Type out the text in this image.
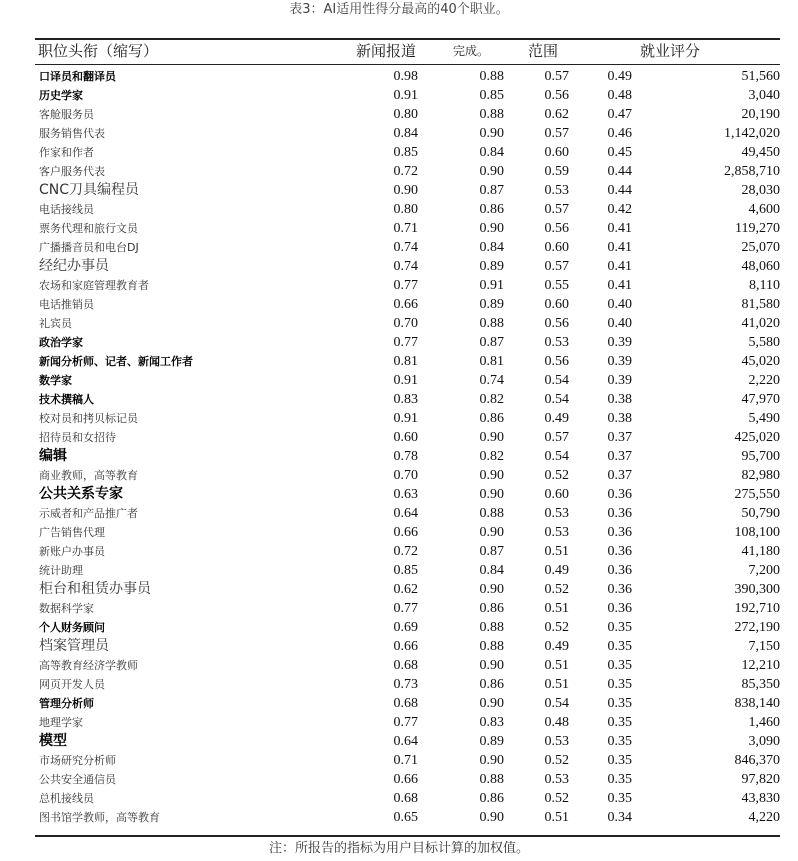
表3：AI适用性得分最高的40个职业。
职位头衔（缩写）	新闻报道	完成。	范围	就业评分
口译员和翻译员	0.98	0.88	0.57	0.49	51,560
历史学家	0.91	0.85	0.56	0.48	3,040
客舱服务员	0.80	0.88	0.62	0.47	20,190
服务销售代表	0.84	0.90	0.57	0.46	1,142,020
作家和作者	0.85	0.84	0.60	0.45	49,450
客户服务代表	0.72	0.90	0.59	0.44	2,858,710
CNC刀具编程员	0.90	0.87	0.53	0.44	28,030
电话接线员	0.80	0.86	0.57	0.42	4,600
票务代理和旅行文员	0.71	0.90	0.56	0.41	119,270
广播播音员和电台DJ	0.74	0.84	0.60	0.41	25,070
经纪办事员	0.74	0.89	0.57	0.41	48,060
农场和家庭管理教育者	0.77	0.91	0.55	0.41	8,110
电话推销员	0.66	0.89	0.60	0.40	81,580
礼宾员	0.70	0.88	0.56	0.40	41,020
政治学家	0.77	0.87	0.53	0.39	5,580
新闻分析师、记者、新闻工作者	0.81	0.81	0.56	0.39	45,020
数学家	0.91	0.74	0.54	0.39	2,220
技术撰稿人	0.83	0.82	0.54	0.38	47,970
校对员和拷贝标记员	0.91	0.86	0.49	0.38	5,490
招待员和女招待	0.60	0.90	0.57	0.37	425,020
编辑	0.78	0.82	0.54	0.37	95,700
商业教师，高等教育	0.70	0.90	0.52	0.37	82,980
公共关系专家	0.63	0.90	0.60	0.36	275,550
示威者和产品推广者	0.64	0.88	0.53	0.36	50,790
广告销售代理	0.66	0.90	0.53	0.36	108,100
新账户办事员	0.72	0.87	0.51	0.36	41,180
统计助理	0.85	0.84	0.49	0.36	7,200
柜台和租赁办事员	0.62	0.90	0.52	0.36	390,300
数据科学家	0.77	0.86	0.51	0.36	192,710
个人财务顾问	0.69	0.88	0.52	0.35	272,190
档案管理员	0.66	0.88	0.49	0.35	7,150
高等教育经济学教师	0.68	0.90	0.51	0.35	12,210
网页开发人员	0.73	0.86	0.51	0.35	85,350
管理分析师	0.68	0.90	0.54	0.35	838,140
地理学家	0.77	0.83	0.48	0.35	1,460
模型	0.64	0.89	0.53	0.35	3,090
市场研究分析师	0.71	0.90	0.52	0.35	846,370
公共安全通信员	0.66	0.88	0.53	0.35	97,820
总机接线员	0.68	0.86	0.52	0.35	43,830
图书馆学教师，高等教育	0.65	0.90	0.51	0.34	4,220
注：所报告的指标为用户目标计算的加权值。
